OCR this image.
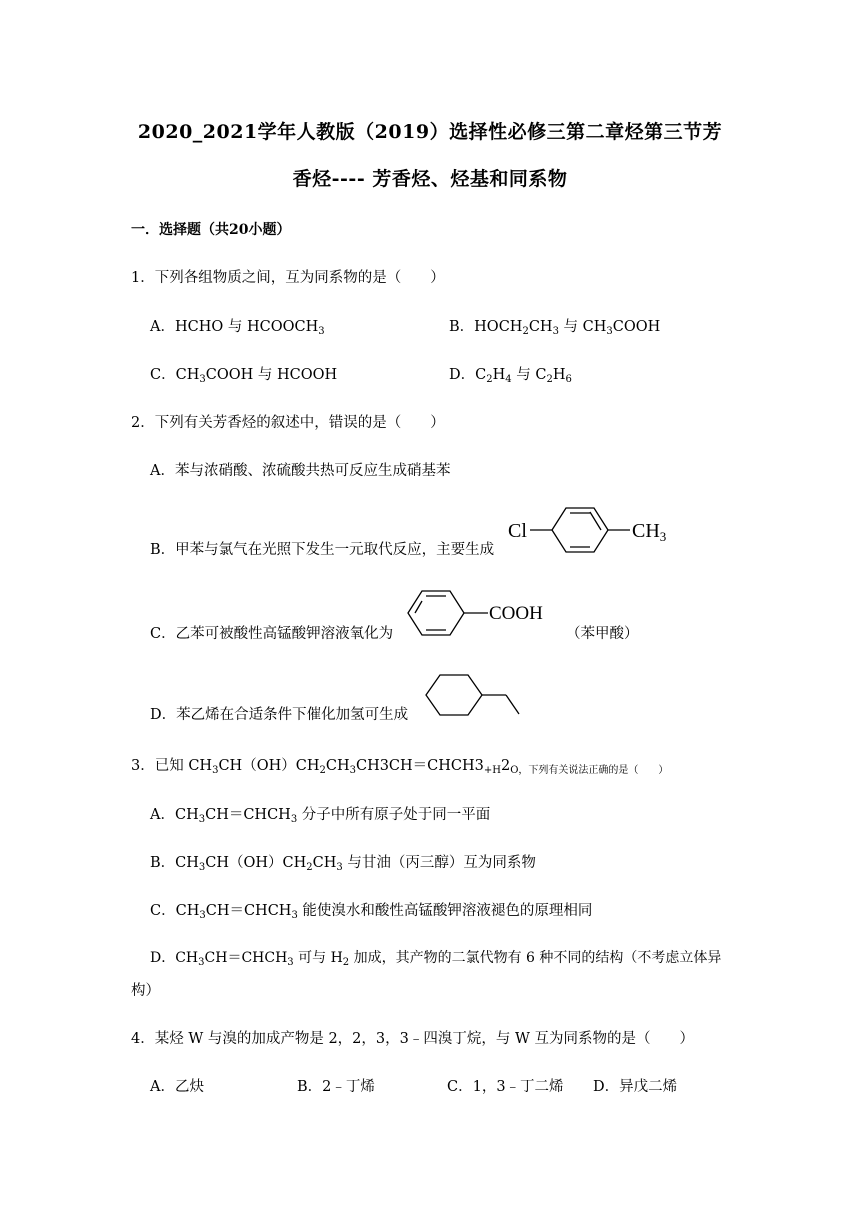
2020_2021学年人教版（2019）选择性必修三第二章烃第三节芳
香烃---- 芳香烃、烃基和同系物
一．选择题（共20小题）
1．下列各组物质之间，互为同系物的是（　　）
A．HCHO 与 $HCOOCH_3$	B．$HOCH_2CH_3$ 与 $CH_3COOH$
C．$CH_3COOH$ 与 HCOOH	D．$C_2H_4$ 与 $C_2H_6$
2．下列有关芳香烃的叙述中，错误的是（　　）
A．苯与浓硝酸、浓硫酸共热可反应生成硝基苯
B．甲苯与氯气在光照下发生一元取代反应，主要生成
Cl	$CH_3$
C．乙苯可被酸性高锰酸钾溶液氧化为
COOH
（苯甲酸）
D．苯乙烯在合适条件下催化加氢可生成
3．已知 $CH_3CH(OH)CH_2CH_3CH3CH=CHCH3_{+H}2_{O,下列有关说法正确的是( )}$
A．$CH_3CH=CHCH_3$ 分子中所有原子处于同一平面
B．$CH_3CH(OH)CH_2CH_3$ 与甘油（丙三醇）互为同系物
C．$CH_3CH=CHCH_3$ 能使溴水和酸性高锰酸钾溶液褪色的原理相同
D．$CH_3CH=CHCH_3$ 可与 $H_2$ 加成，其产物的二氯代物有 6 种不同的结构（不考虑立体异
构）
4．某烃 W 与溴的加成产物是 2，2，3，3﹣四溴丁烷，与 W 互为同系物的是（　　）
A．乙炔	B．2﹣丁烯	C．1，3﹣丁二烯 D．异戊二烯
